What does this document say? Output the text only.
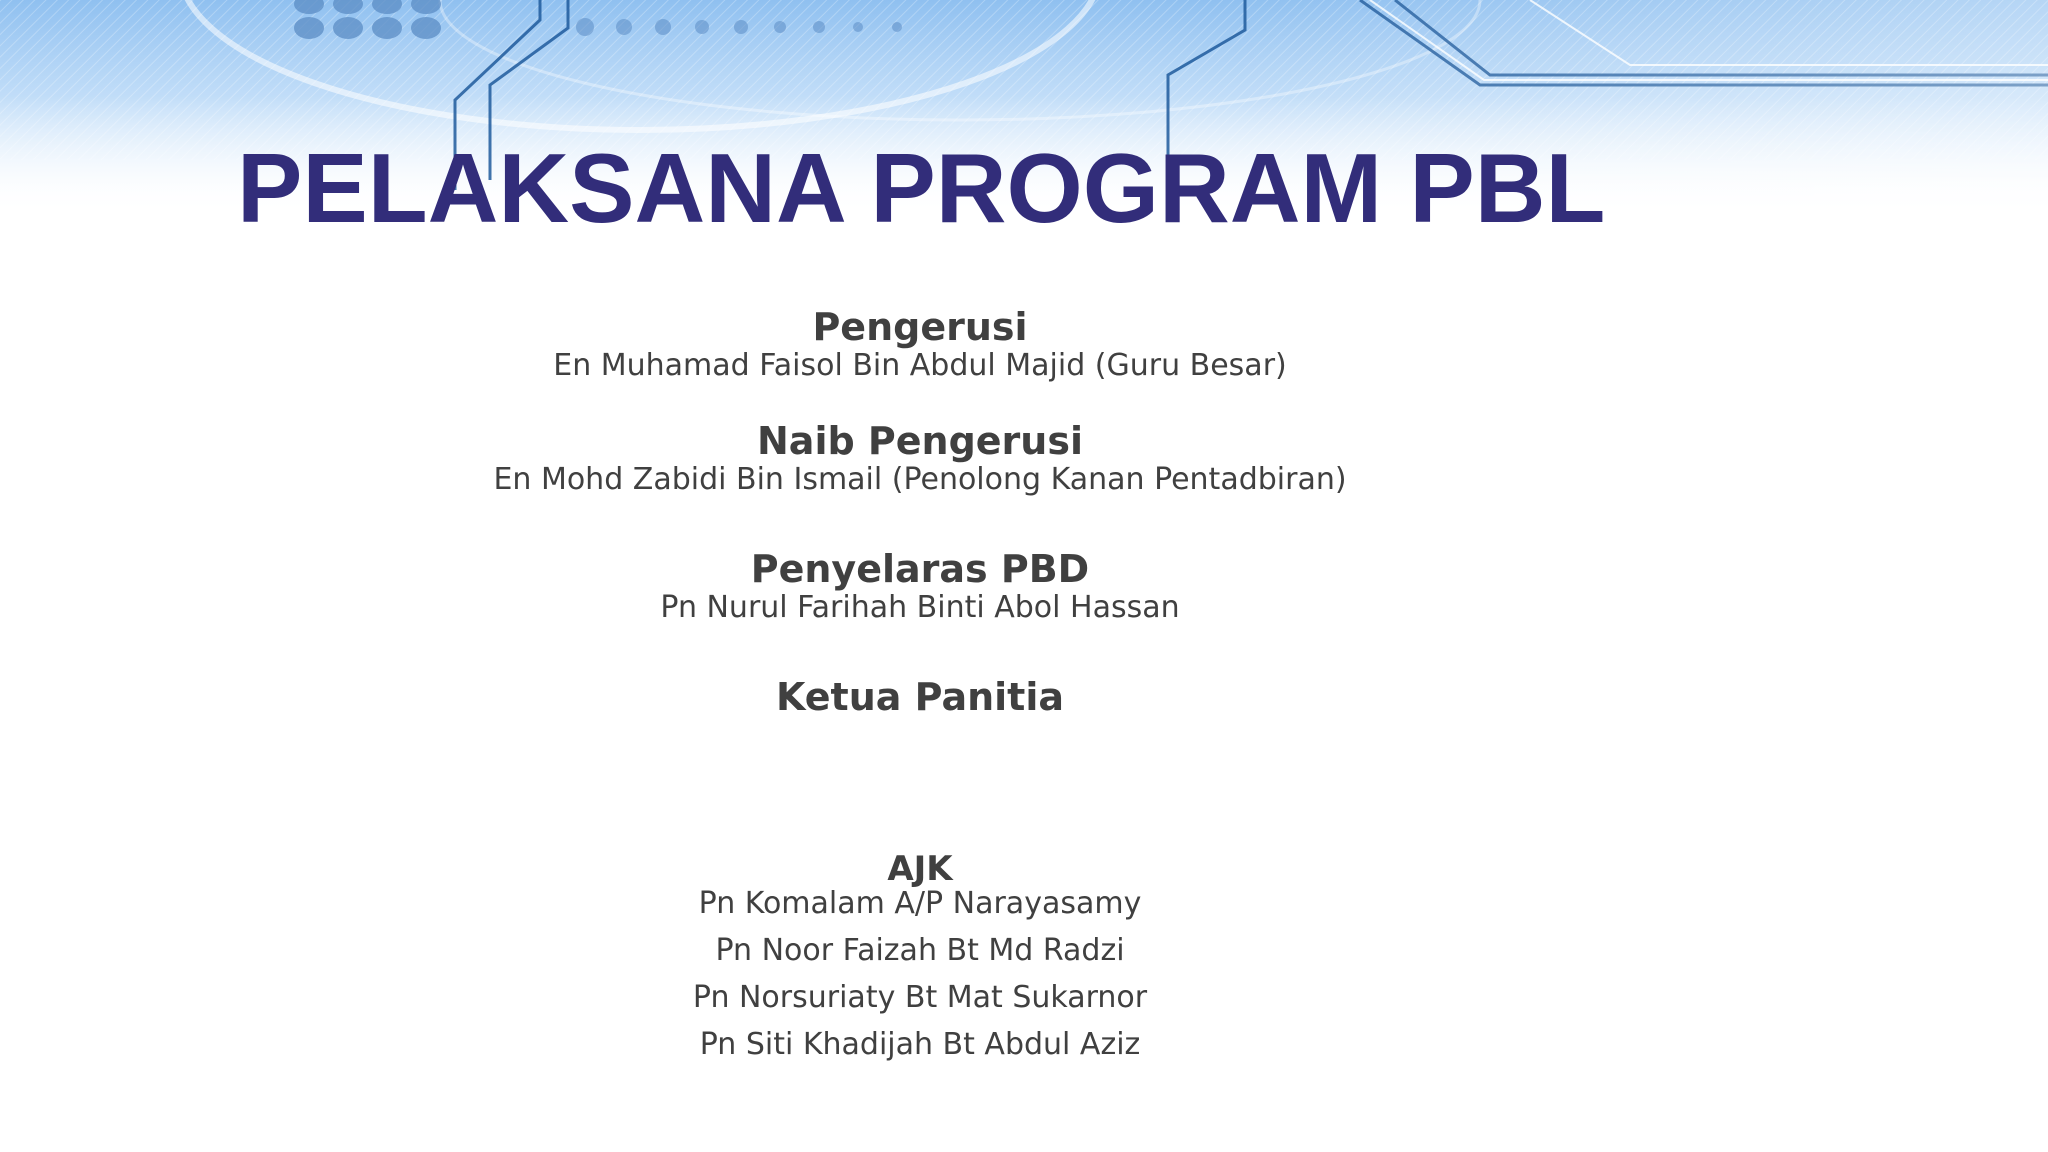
PELAKSANA PROGRAM PBL
Pengerusi
En Muhamad Faisol Bin Abdul Majid (Guru Besar)
Naib Pengerusi
En Mohd Zabidi Bin Ismail (Penolong Kanan Pentadbiran)
Penyelaras PBD
Pn Nurul Farihah Binti Abol Hassan
Ketua Panitia
AJK
Pn Komalam A/P Narayasamy
Pn Noor Faizah Bt Md Radzi
Pn Norsuriaty Bt Mat Sukarnor
Pn Siti Khadijah Bt Abdul Aziz
